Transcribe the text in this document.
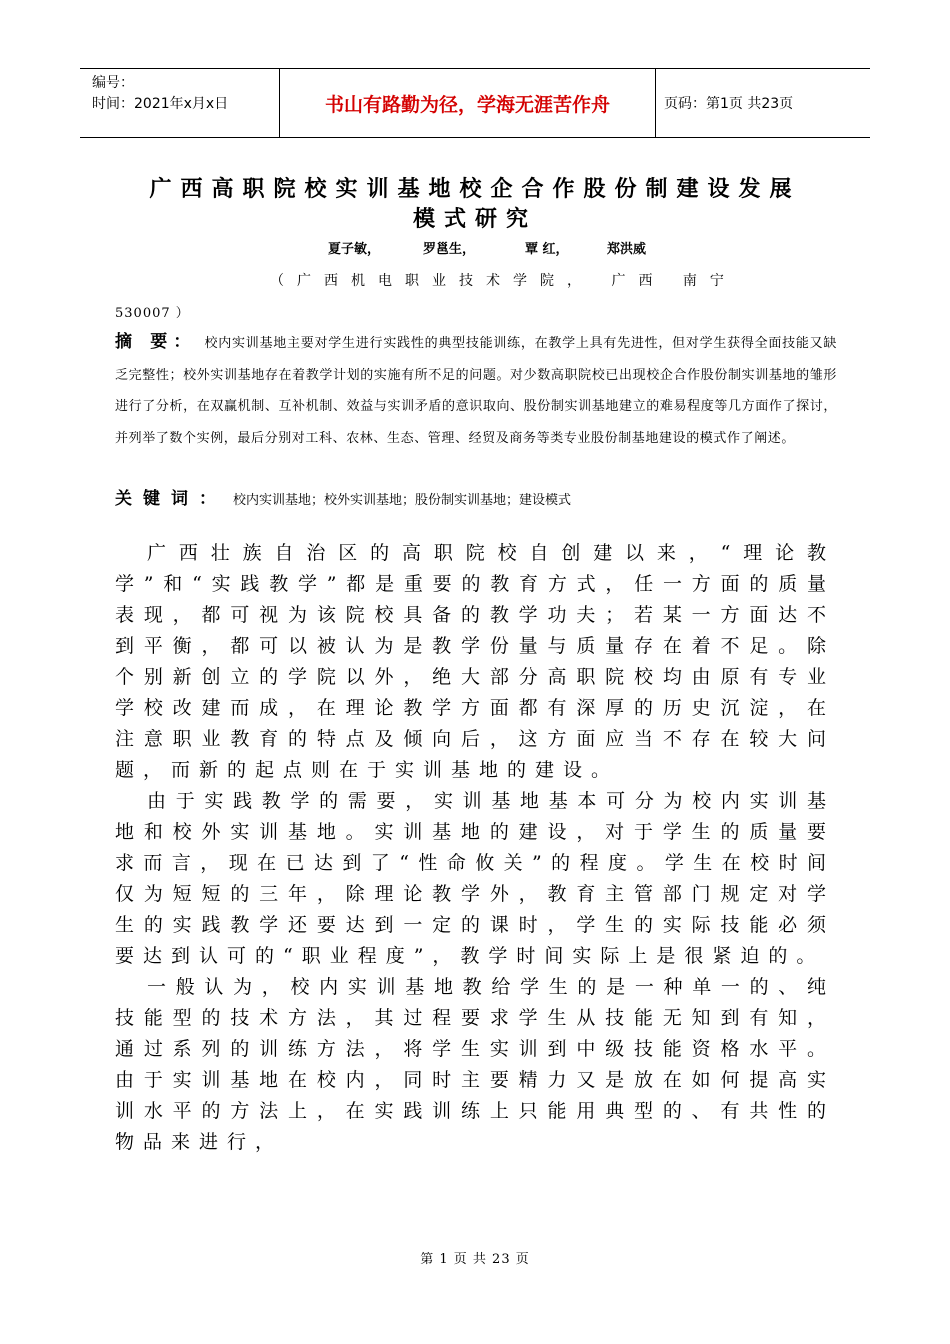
编号：
时间：2021年x月x日	书山有路勤为径，学海无涯苦作舟	页码：第1页 共23页
广西高职院校实训基地校企合作股份制建设发展
模式研究
夏子敏，	罗邕生，	覃 红，	郑洪威
（广西机电职业技术学院， 广西 南宁
530007 ）
摘 要： 校内实训基地主要对学生进行实践性的典型技能训练，在教学上具有先进性，但对学生获得全面技能又缺乏完整性；校外实训基地存在着教学计划的实施有所不足的问题。对少数高职院校已出现校企合作股份制实训基地的雏形进行了分析，在双赢机制、互补机制、效益与实训矛盾的意识取向、股份制实训基地建立的难易程度等几方面作了探讨，并列举了数个实例，最后分别对工科、农林、生态、管理、经贸及商务等类专业股份制基地建设的模式作了阐述。
关键词： 校内实训基地；校外实训基地；股份制实训基地；建设模式

广西壮族自治区的高职院校自创建以来，“理论教学”和“实践教学”都是重要的教育方式，任一方面的质量表现，都可视为该院校具备的教学功夫；若某一方面达不到平衡，都可以被认为是教学份量与质量存在着不足。除个别新创立的学院以外，绝大部分高职院校均由原有专业学校改建而成，在理论教学方面都有深厚的历史沉淀，在注意职业教育的特点及倾向后，这方面应当不存在较大问题，而新的起点则在于实训基地的建设。

由于实践教学的需要，实训基地基本可分为校内实训基地和校外实训基地。实训基地的建设，对于学生的质量要求而言，现在已达到了“性命攸关”的程度。学生在校时间仅为短短的三年，除理论教学外，教育主管部门规定对学生的实践教学还要达到一定的课时，学生的实际技能必须要达到认可的“职业程度”，教学时间实际上是很紧迫的。

一般认为，校内实训基地教给学生的是一种单一的、纯技能型的技术方法，其过程要求学生从技能无知到有知，通过系列的训练方法，将学生实训到中级技能资格水平。由于实训基地在校内，同时主要精力又是放在如何提高实训水平的方法上，在实践训练上只能用典型的、有共性的物品来进行，

第 1 页 共 23 页
